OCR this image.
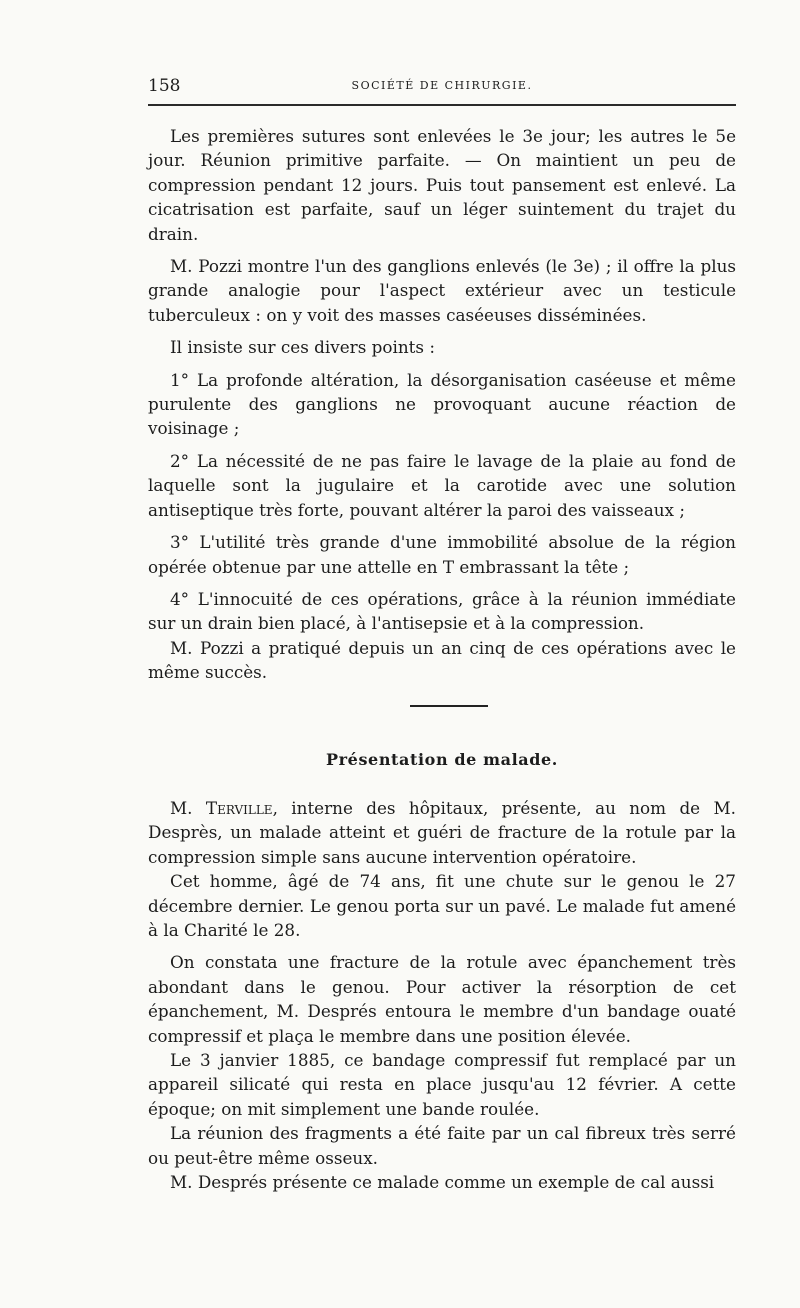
158	SOCIÉTÉ DE CHIRURGIE.

Les premières sutures sont enlevées le 3e jour; les autres le 5e jour. Réunion primitive parfaite. — On maintient un peu de compression pendant 12 jours. Puis tout pansement est enlevé. La cicatrisation est parfaite, sauf un léger suintement du trajet du drain.

M. Pozzi montre l'un des ganglions enlevés (le 3e) ; il offre la plus grande analogie pour l'aspect extérieur avec un testicule tuberculeux : on y voit des masses caséeuses disséminées.

Il insiste sur ces divers points :

1° La profonde altération, la désorganisation caséeuse et même purulente des ganglions ne provoquant aucune réaction de voisinage ;

2° La nécessité de ne pas faire le lavage de la plaie au fond de laquelle sont la jugulaire et la carotide avec une solution antiseptique très forte, pouvant altérer la paroi des vaisseaux ;

3° L'utilité très grande d'une immobilité absolue de la région opérée obtenue par une attelle en T embrassant la tête ;

4° L'innocuité de ces opérations, grâce à la réunion immédiate sur un drain bien placé, à l'antisepsie et à la compression.

M. Pozzi a pratiqué depuis un an cinq de ces opérations avec le même succès.

Présentation de malade.

M. Terville, interne des hôpitaux, présente, au nom de M. Desprès, un malade atteint et guéri de fracture de la rotule par la compression simple sans aucune intervention opératoire.

Cet homme, âgé de 74 ans, fit une chute sur le genou le 27 décembre dernier. Le genou porta sur un pavé. Le malade fut amené à la Charité le 28.

On constata une fracture de la rotule avec épanchement très abondant dans le genou. Pour activer la résorption de cet épanchement, M. Després entoura le membre d'un bandage ouaté compressif et plaça le membre dans une position élevée.

Le 3 janvier 1885, ce bandage compressif fut remplacé par un appareil silicaté qui resta en place jusqu'au 12 février. A cette époque; on mit simplement une bande roulée.

La réunion des fragments a été faite par un cal fibreux très serré ou peut-être même osseux.

M. Després présente ce malade comme un exemple de cal aussi
